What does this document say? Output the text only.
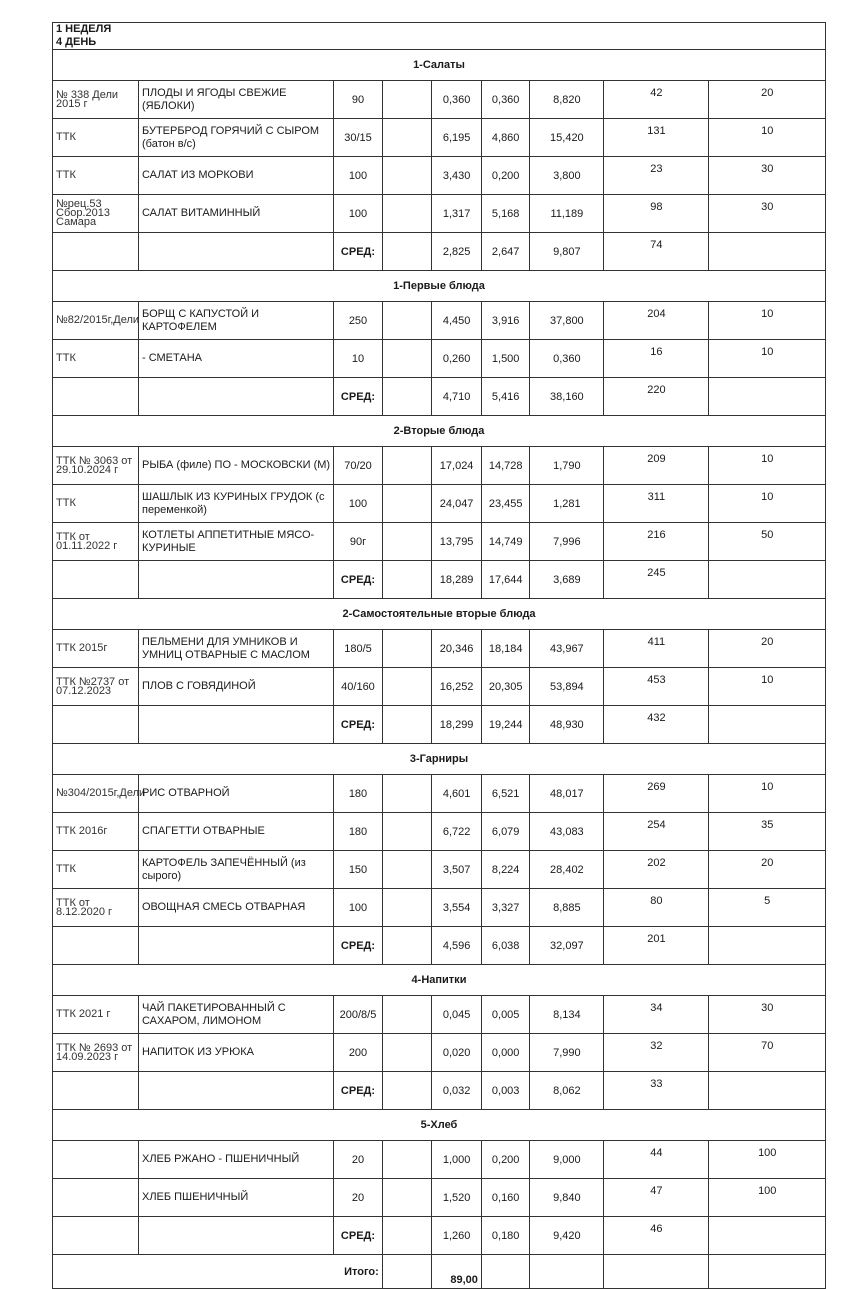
1 НЕДЕЛЯ
4 ДЕНЬ								

1-Салаты								
№ 338 Дели 2015 г	ПЛОДЫ И ЯГОДЫ СВЕЖИЕ (ЯБЛОКИ)	90		0,360	0,360	8,820	42	20
ТТК	БУТЕРБРОД ГОРЯЧИЙ С СЫРОМ (батон в/с)	30/15		6,195	4,860	15,420	131	10
ТТК	САЛАТ ИЗ МОРКОВИ	100		3,430	0,200	3,800	23	30
№рец.53 Сбор.2013 Самара	САЛАТ ВИТАМИННЫЙ	100		1,317	5,168	11,189	98	30
		СРЕД:		2,825	2,647	9,807	74	
1-Первые блюда								
№82/2015г,Дели	БОРЩ С КАПУСТОЙ И КАРТОФЕЛЕМ	250		4,450	3,916	37,800	204	10
ТТК	- СМЕТАНА	10		0,260	1,500	0,360	16	10
		СРЕД:		4,710	5,416	38,160	220	
2-Вторые блюда								
ТТК № 3063 от 29.10.2024 г	РЫБА (филе) ПО - МОСКОВСКИ (М)	70/20		17,024	14,728	1,790	209	10
ТТК	ШАШЛЫК ИЗ КУРИНЫХ ГРУДОК (с переменкой)	100		24,047	23,455	1,281	311	10
ТТК от 01.11.2022 г	КОТЛЕТЫ АППЕТИТНЫЕ МЯСО-КУРИНЫЕ	90г		13,795	14,749	7,996	216	50
		СРЕД:		18,289	17,644	3,689	245	
2-Самостоятельные вторые блюда								
ТТК 2015г	ПЕЛЬМЕНИ ДЛЯ УМНИКОВ И УМНИЦ ОТВАРНЫЕ С МАСЛОМ	180/5		20,346	18,184	43,967	411	20
ТТК №2737 от 07.12.2023	ПЛОВ С ГОВЯДИНОЙ	40/160		16,252	20,305	53,894	453	10
		СРЕД:		18,299	19,244	48,930	432	
3-Гарниры								
№304/2015г,Дели	РИС ОТВАРНОЙ	180		4,601	6,521	48,017	269	10
ТТК 2016г	СПАГЕТТИ ОТВАРНЫЕ	180		6,722	6,079	43,083	254	35
ТТК	КАРТОФЕЛЬ ЗАПЕЧЁННЫЙ (из сырого)	150		3,507	8,224	28,402	202	20
ТТК от 8.12.2020 г	ОВОЩНАЯ СМЕСЬ ОТВАРНАЯ	100		3,554	3,327	8,885	80	5
		СРЕД:		4,596	6,038	32,097	201	
4-Напитки								
ТТК 2021 г	ЧАЙ ПАКЕТИРОВАННЫЙ С САХАРОМ, ЛИМОНОМ	200/8/5		0,045	0,005	8,134	34	30
ТТК № 2693 от 14.09.2023 г	НАПИТОК ИЗ УРЮКА	200		0,020	0,000	7,990	32	70
		СРЕД:		0,032	0,003	8,062	33	
5-Хлеб								
	ХЛЕБ РЖАНО - ПШЕНИЧНЫЙ	20		1,000	0,200	9,000	44	100
	ХЛЕБ ПШЕНИЧНЫЙ	20		1,520	0,160	9,840	47	100
		СРЕД:		1,260	0,180	9,420	46	
Итого:				89,00				
